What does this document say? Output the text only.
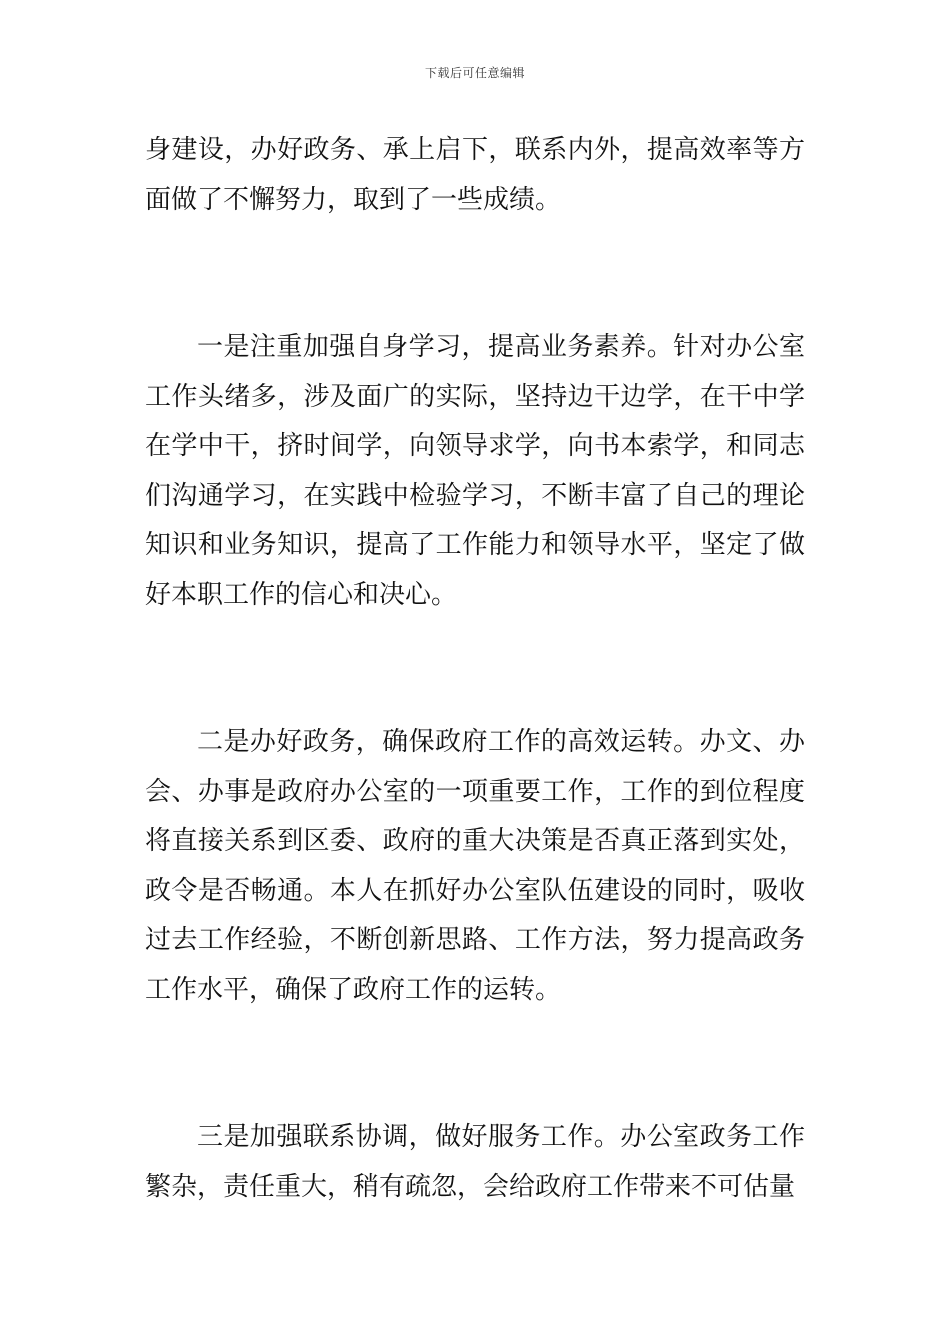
下载后可任意编辑

身建设，办好政务、承上启下，联系内外，提高效率等方面做了不懈努力，取到了一些成绩。

一是注重加强自身学习，提高业务素养。针对办公室工作头绪多，涉及面广的实际，坚持边干边学，在干中学在学中干，挤时间学，向领导求学，向书本索学，和同志们沟通学习，在实践中检验学习，不断丰富了自己的理论知识和业务知识，提高了工作能力和领导水平，坚定了做好本职工作的信心和决心。

二是办好政务，确保政府工作的高效运转。办文、办会、办事是政府办公室的一项重要工作，工作的到位程度将直接关系到区委、政府的重大决策是否真正落到实处，政令是否畅通。本人在抓好办公室队伍建设的同时，吸收过去工作经验，不断创新思路、工作方法，努力提高政务工作水平，确保了政府工作的运转。

三是加强联系协调，做好服务工作。办公室政务工作繁杂，责任重大，稍有疏忽，会给政府工作带来不可估量
